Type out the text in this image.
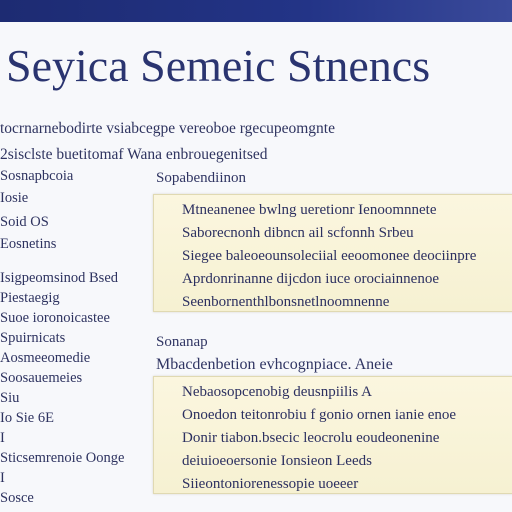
Seyica Semeic Stnencs
tocrnarnebodirte vsiabcegpe vereoboe rgecupeomgnte
2sisclste buetitomaf Wana enbrouegenitsed
Sosnapbcoia
Iosie
Soid OS
Eosnetins
Isigpeomsinod Bsed
Piestaegig
Suoe ioronoicastee
Spuirnicats
Aosmeeomedie
Soosauemeies
Siu
Io Sie 6E
I
Sticsemrenoie Oonge
I
Sosce
Sopabendiinon
Mtneanenee bwlng ueretionr Ienoomnnete
Saborecnonh dibncn ail scfonnh Srbeu
Siegee baleoeounsoleciial eeoomonee deociinpre
Aprdonrinanne dijcdon iuce orociainnenoe
Seenbornenthlbonsnetlnoomnenne
Sonanap
Mbacdenbetion evhcognpiace. Aneie
Nebaosopcenobig deusnpiilis A
Onoedon teitonrobiu f gonio ornen ianie enoe
Donir tiabon.bsecic leocrolu eoudeonenine
deiuioeoersonie Ionsieon Leeds
Siieontoniorenessopie uoeeer
